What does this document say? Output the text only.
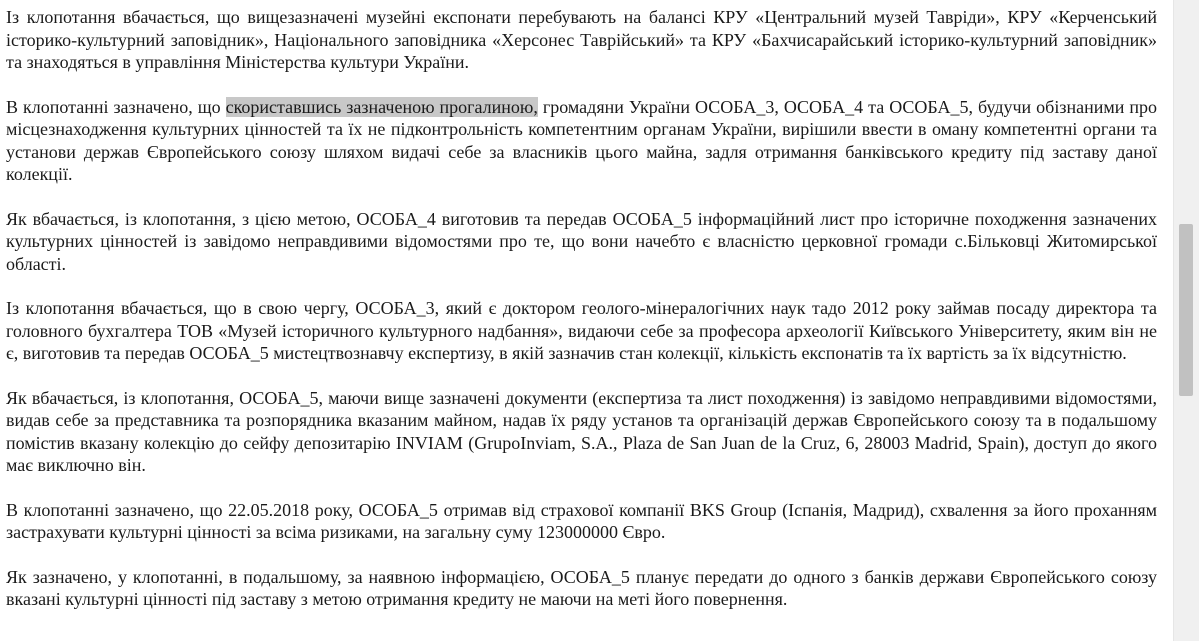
Із клопотання вбачається, що вищезазначені музейні експонати перебувають на балансі КРУ «Центральний музей Тавріди», КРУ «Керченський історико-культурний заповідник», Національного заповідника «Херсонес Таврійський» та КРУ «Бахчисарайський історико-культурний заповідник» та знаходяться в управління Міністерства культури України.

В клопотанні зазначено, що скориставшись зазначеною прогалиною, громадяни України ОСОБА_3, ОСОБА_4 та ОСОБА_5, будучи обізнаними про місцезнаходження культурних цінностей та їх не підконтрольність компетентним органам України, вирішили ввести в оману компетентні органи та установи держав Європейського союзу шляхом видачі себе за власників цього майна, задля отримання банківського кредиту під заставу даної колекції.

Як вбачається, із клопотання, з цією метою, ОСОБА_4 виготовив та передав ОСОБА_5 інформаційний лист про історичне походження зазначених культурних цінностей із завідомо неправдивими відомостями про те, що вони начебто є власністю церковної громади с.Більковці Житомирської області.

Із клопотання вбачається, що в свою чергу, ОСОБА_3, який є доктором геолого-мінералогічних наук тадо 2012 року займав посаду директора та головного бухгалтера ТОВ «Музей історичного культурного надбання», видаючи себе за професора археології Київського Університету, яким він не є, виготовив та передав ОСОБА_5 мистецтвознавчу експертизу, в якій зазначив стан колекції, кількість експонатів та їх вартість за їх відсутністю.

Як вбачається, із клопотання, ОСОБА_5, маючи вище зазначені документи (експертиза та лист походження) із завідомо неправдивими відомостями, видав себе за представника та розпорядника вказаним майном, надав їх ряду установ та організацій держав Європейського союзу та в подальшому помістив вказану колекцію до сейфу депозитарію INVIAM (GrupoInviam, S.A., Plaza de San Juan de la Cruz, 6, 28003 Madrid, Spain), доступ до якого має виключно він.

В клопотанні зазначено, що 22.05.2018 року, ОСОБА_5 отримав від страхової компанії BKS Group (Іспанія, Мадрид), схвалення за його проханням застрахувати культурні цінності за всіма ризиками, на загальну суму 123000000 Євро.

Як зазначено, у клопотанні, в подальшому, за наявною інформацією, ОСОБА_5 планує передати до одного з банків держави Європейського союзу вказані культурні цінності під заставу з метою отримання кредиту не маючи на меті його повернення.
